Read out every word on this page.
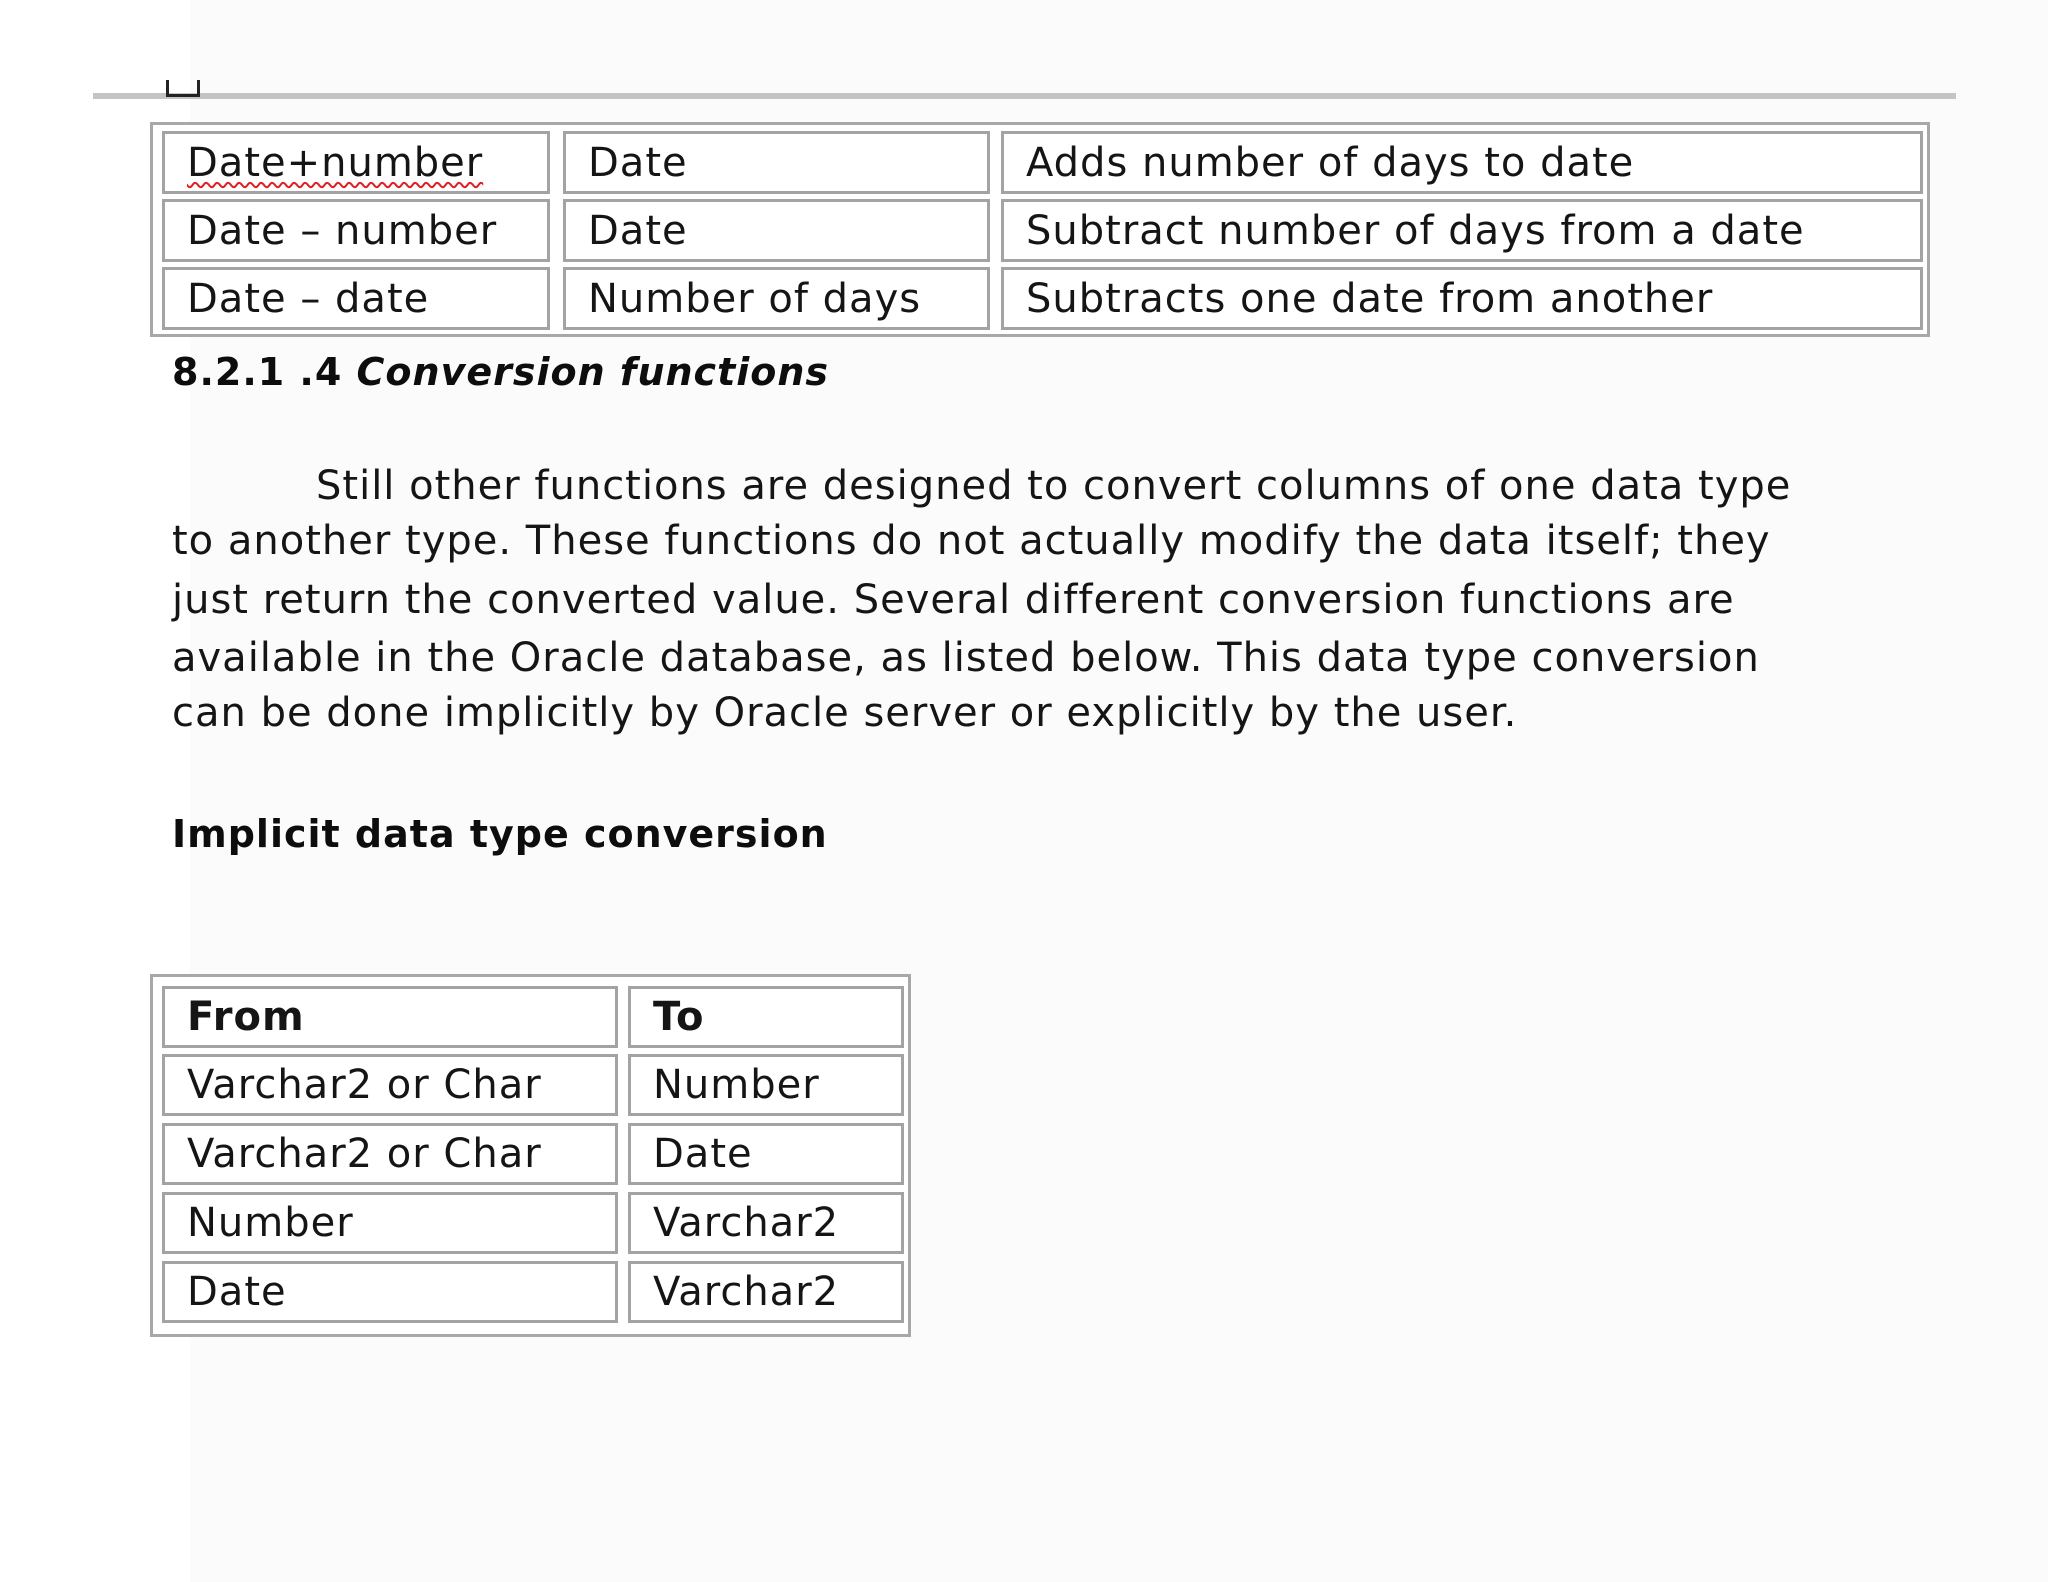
Date+number	Date	Adds number of days to date
Date – number	Date	Subtract number of days from a date
Date – date	Number of days	Subtracts one date from another
8.2.1 .4 Conversion functions
Still other functions are designed to convert columns of one data type
to another type. These functions do not actually modify the data itself; they
just return the converted value. Several different conversion functions are
available in the Oracle database, as listed below. This data type conversion
can be done implicitly by Oracle server or explicitly by the user.
Implicit data type conversion
From	To
Varchar2 or Char	Number
Varchar2 or Char	Date
Number	Varchar2
Date	Varchar2
